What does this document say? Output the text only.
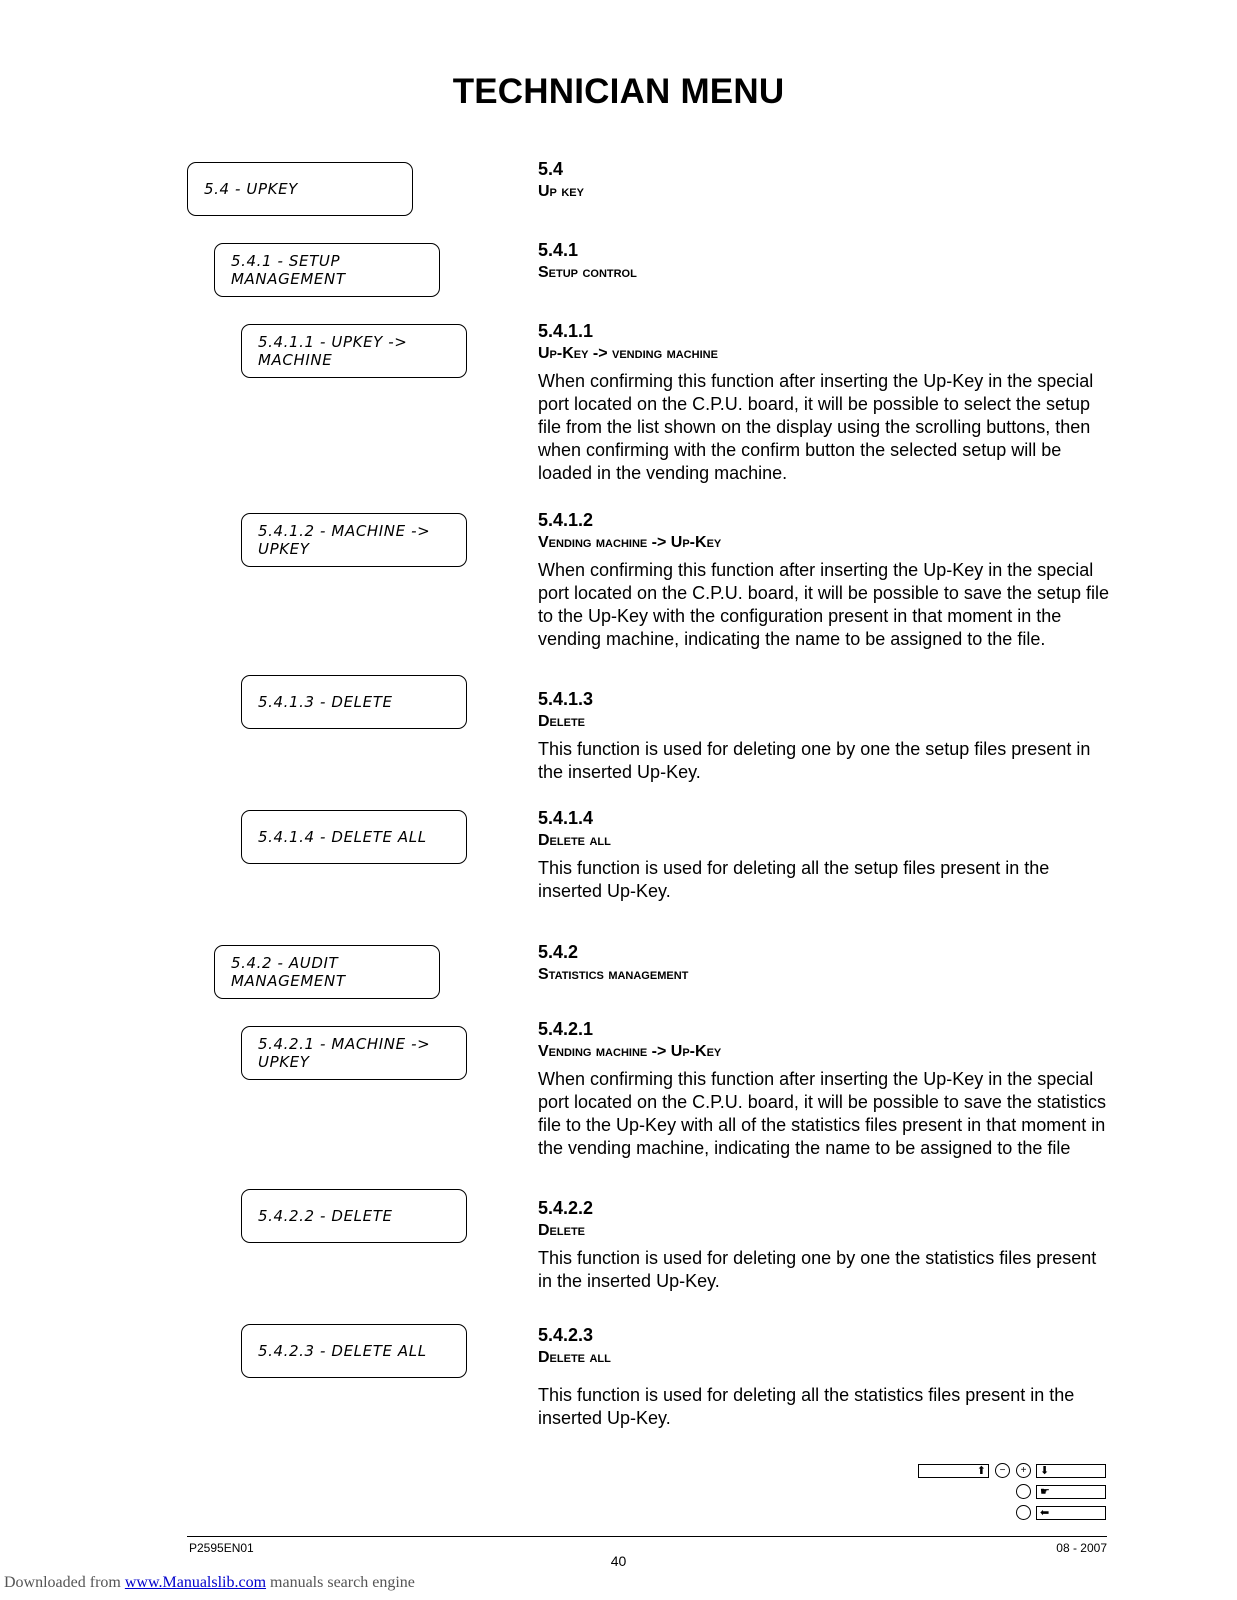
TECHNICIAN MENU
5.4 - UPKEY
5.4.1 - SETUP MANAGEMENT
5.4.1.1 - UPKEY -> MACHINE
5.4.1.2 - MACHINE -> UPKEY
5.4.1.3 - DELETE
5.4.1.4 - DELETE ALL
5.4.2 - AUDIT MANAGEMENT
5.4.2.1 - MACHINE -> UPKEY
5.4.2.2 - DELETE
5.4.2.3 - DELETE ALL
5.4
Up key
5.4.1
Setup control
5.4.1.1
Up-Key -> vending machine
When confirming this function after inserting the Up-Key in the special port located on the C.P.U. board, it will be possible to select the setup file from the list shown on the display using the scrolling buttons, then when confirming with the confirm button the selected setup will be loaded in the vending machine.
5.4.1.2
Vending machine -> Up-Key
When confirming this function after inserting the Up-Key in the special port located on the C.P.U. board, it will be possible to save the setup file to the Up-Key with the configuration present in that moment in the vending machine, indicating the name to be assigned to the file.
5.4.1.3
Delete
This function is used for deleting one by one the setup files present in the inserted Up-Key.
5.4.1.4
Delete all
This function is used for deleting all the setup files present in the inserted Up-Key.
5.4.2
Statistics management
5.4.2.1
Vending machine -> Up-Key
When confirming this function after inserting the Up-Key in the special port located on the C.P.U. board, it will be possible to save the statistics file to the Up-Key with all of the statistics files present in that moment in the vending machine, indicating the name to be assigned to the file
5.4.2.2
Delete
This function is used for deleting one by one the statistics files present in the inserted Up-Key.
5.4.2.3
Delete all
This function is used for deleting all the statistics files present in the inserted Up-Key.
⬆	−	+	⬇
☛
⬅
P2595EN01	08 - 2007
40
Downloaded from www.Manualslib.com manuals search engine
